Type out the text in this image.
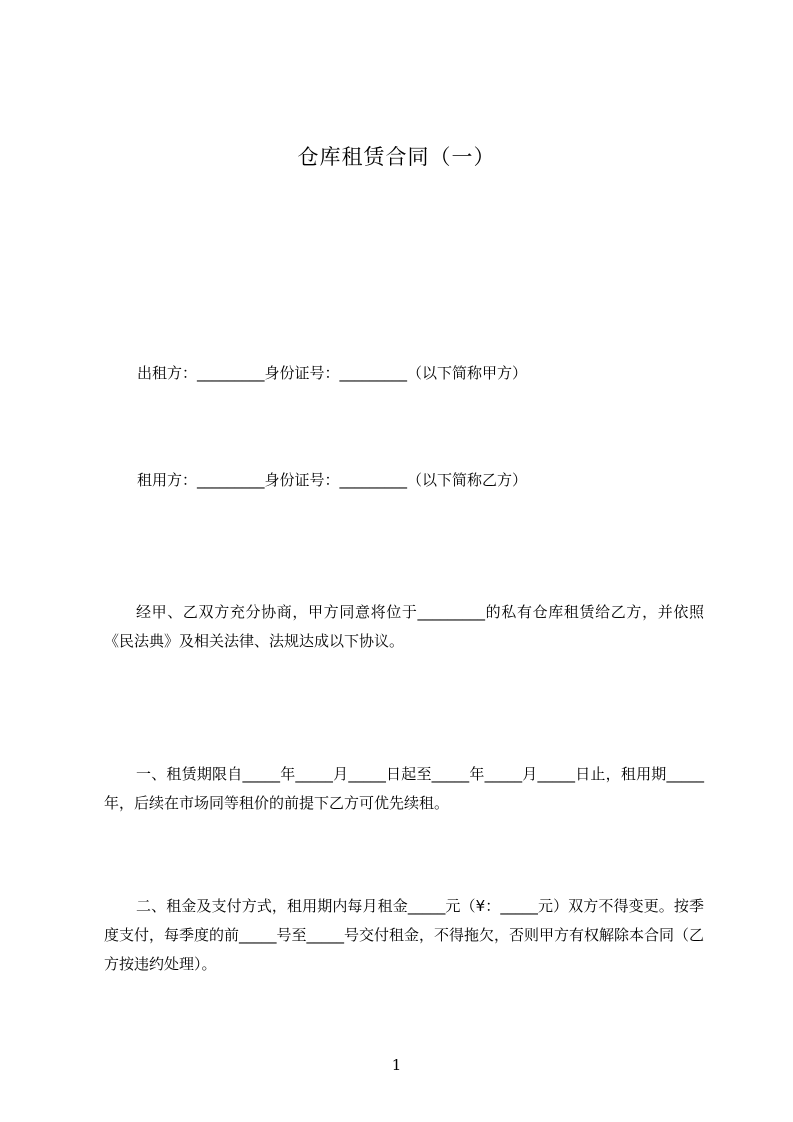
仓库租赁合同（一）
出租方：_________身份证号：_________（以下简称甲方）
租用方：_________身份证号：_________（以下简称乙方）
经甲、乙双方充分协商，甲方同意将位于_________的私有仓库租赁给乙方，并依照《民法典》及相关法律、法规达成以下协议。
一、租赁期限自_____年_____月_____日起至_____年_____月_____日止，租用期_____年，后续在市场同等租价的前提下乙方可优先续租。
二、租金及支付方式，租用期内每月租金_____元（¥：_____元）双方不得变更。按季度支付，每季度的前_____号至_____号交付租金，不得拖欠，否则甲方有权解除本合同（乙方按违约处理）。
1
